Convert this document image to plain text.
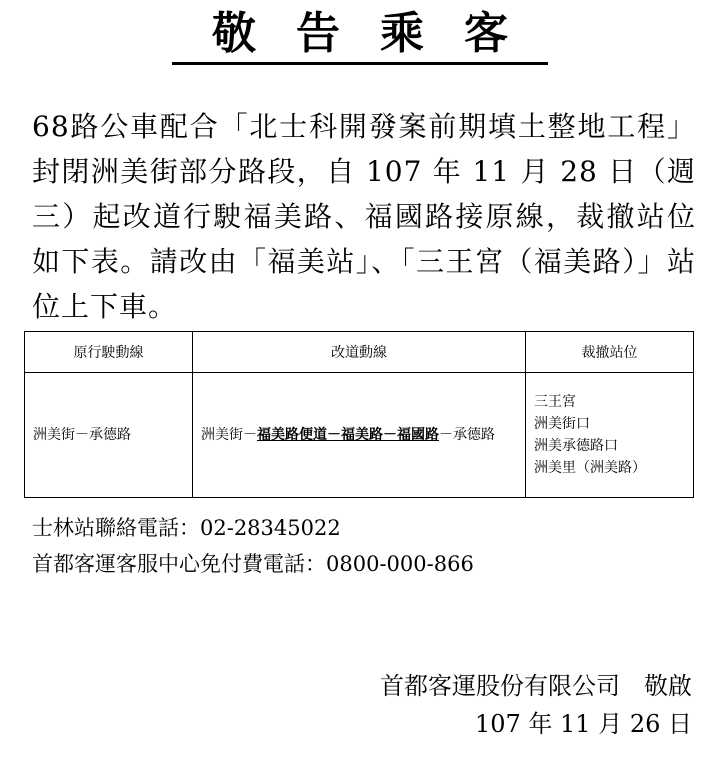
敬告乘客
68路公車配合「北士科開發案前期填土整地工程」封閉洲美街部分路段，自 107 年 11 月 28 日（週三）起改道行駛福美路、福國路接原線，裁撤站位如下表。請改由「福美站」、「三王宮（福美路）」站位上下車。
原行駛動線	改道動線	裁撤站位
洲美街－承德路	洲美街－福美路便道－福美路－福國路－承德路	三王宮
洲美街口
洲美承德路口
洲美里（洲美路）
士林站聯絡電話：02-28345022
首都客運客服中心免付費電話：0800-000-866
首都客運股份有限公司　敬啟
107 年 11 月 26 日
